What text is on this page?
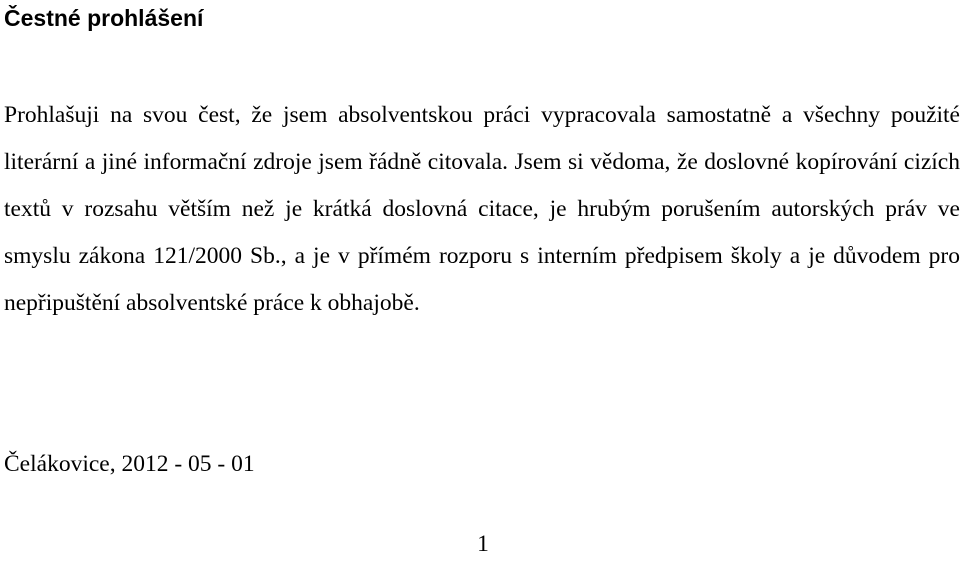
Čestné prohlášení

Prohlašuji na svou čest, že jsem absolventskou práci vypracovala samostatně a všechny použité literární a jiné informační zdroje jsem řádně citovala. Jsem si vědoma, že doslovné kopírování cizích textů v rozsahu větším než je krátká doslovná citace, je hrubým porušením autorských práv ve smyslu zákona 121/2000 Sb., a je v přímém rozporu s interním předpisem školy a je důvodem pro nepřipuštění absolventské práce k obhajobě.

Čelákovice, 2012 - 05 - 01

1
